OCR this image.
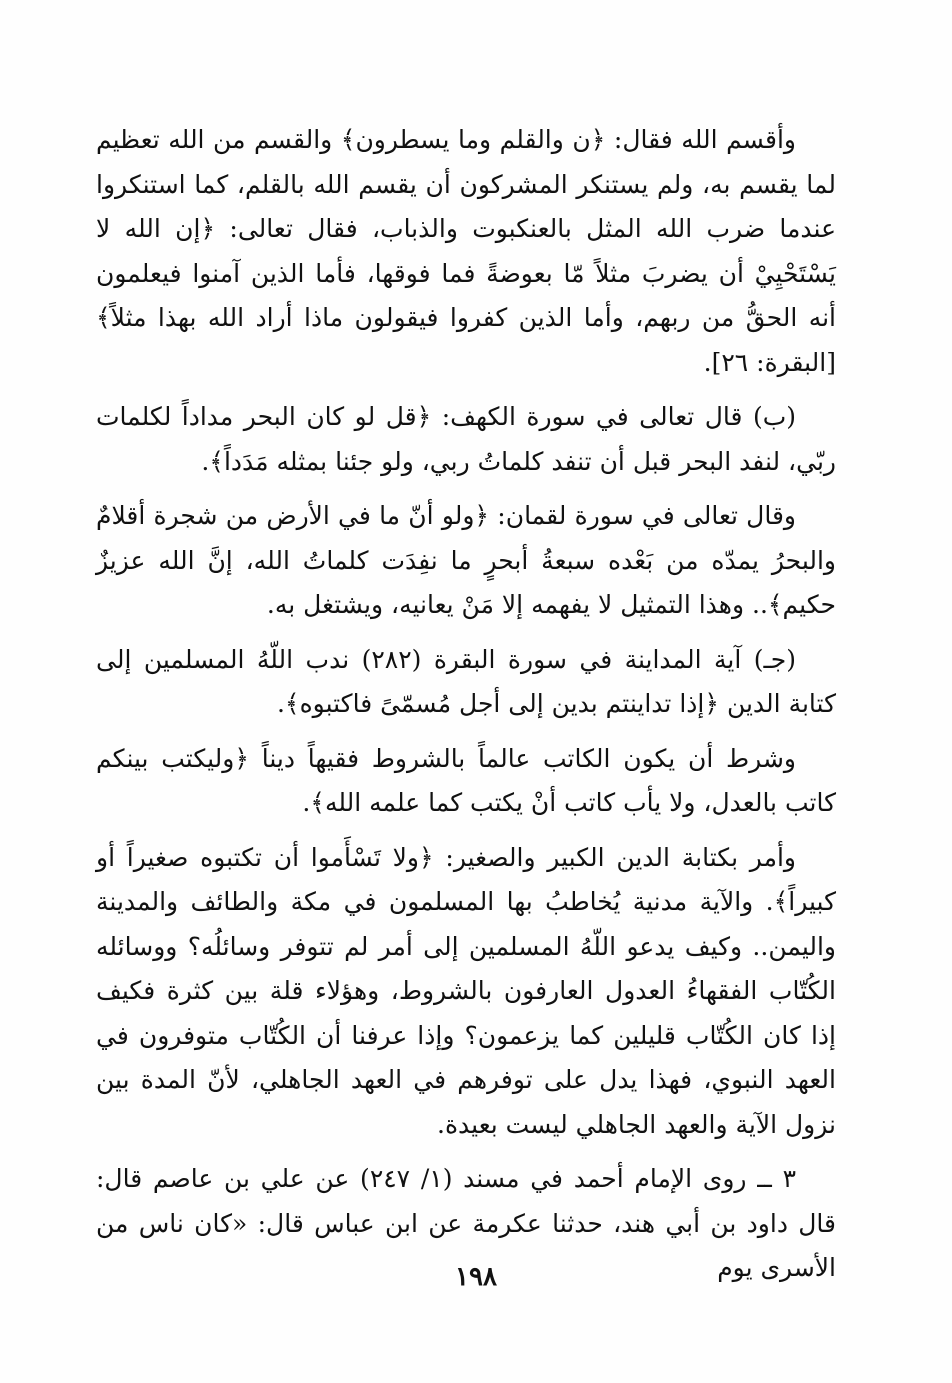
وأقسم الله فقال: ﴿ن والقلم وما يسطرون﴾ والقسم من الله تعظيم لما يقسم به، ولم يستنكر المشركون أن يقسم الله بالقلم، كما استنكروا عندما ضرب الله المثل بالعنكبوت والذباب، فقال تعالى: ﴿إن الله لا يَسْتَحْيِيْ أن يضربَ مثلاً مّا بعوضةً فما فوقها، فأما الذين آمنوا فيعلمون أنه الحقُّ من ربهم، وأما الذين كفروا فيقولون ماذا أراد الله بهذا مثلاً﴾ [البقرة: ٢٦].

(ب) قال تعالى في سورة الكهف: ﴿قل لو كان البحر مداداً لكلمات ربّي، لنفد البحر قبل أن تنفد كلماتُ ربي، ولو جئنا بمثله مَدَداً﴾.

وقال تعالى في سورة لقمان: ﴿ولو أنّ ما في الأرض من شجرة أقلامٌ والبحرُ يمدّه من بَعْده سبعةُ أبحرٍ ما نفِدَت كلماتُ الله، إنَّ الله عزيزٌ حكيم﴾.. وهذا التمثيل لا يفهمه إلا مَنْ يعانيه، ويشتغل به.

(جـ) آية المداينة في سورة البقرة (٢٨٢) ندب اللّهُ المسلمين إلى كتابة الدين ﴿إذا تداينتم بدين إلى أجل مُسمّىً فاكتبوه﴾.

وشرط أن يكون الكاتب عالماً بالشروط فقيهاً ديناً ﴿وليكتب بينكم كاتب بالعدل، ولا يأب كاتب أنْ يكتب كما علمه الله﴾.

وأمر بكتابة الدين الكبير والصغير: ﴿ولا تَسْأَموا أن تكتبوه صغيراً أو كبيراً﴾. والآية مدنية يُخاطبُ بها المسلمون في مكة والطائف والمدينة واليمن.. وكيف يدعو اللّهُ المسلمين إلى أمر لم تتوفر وسائلُه؟ ووسائله الكُتّاب الفقهاءُ العدول العارفون بالشروط، وهؤلاء قلة بين كثرة فكيف إذا كان الكُتّاب قليلين كما يزعمون؟ وإذا عرفنا أن الكُتّاب متوفرون في العهد النبوي، فهذا يدل على توفرهم في العهد الجاهلي، لأنّ المدة بين نزول الآية والعهد الجاهلي ليست بعيدة.

٣ ــ روى الإمام أحمد في مسند (١/ ٢٤٧) عن علي بن عاصم قال: قال داود بن أبي هند، حدثنا عكرمة عن ابن عباس قال: «كان ناس من الأسرى يوم

١٩٨
